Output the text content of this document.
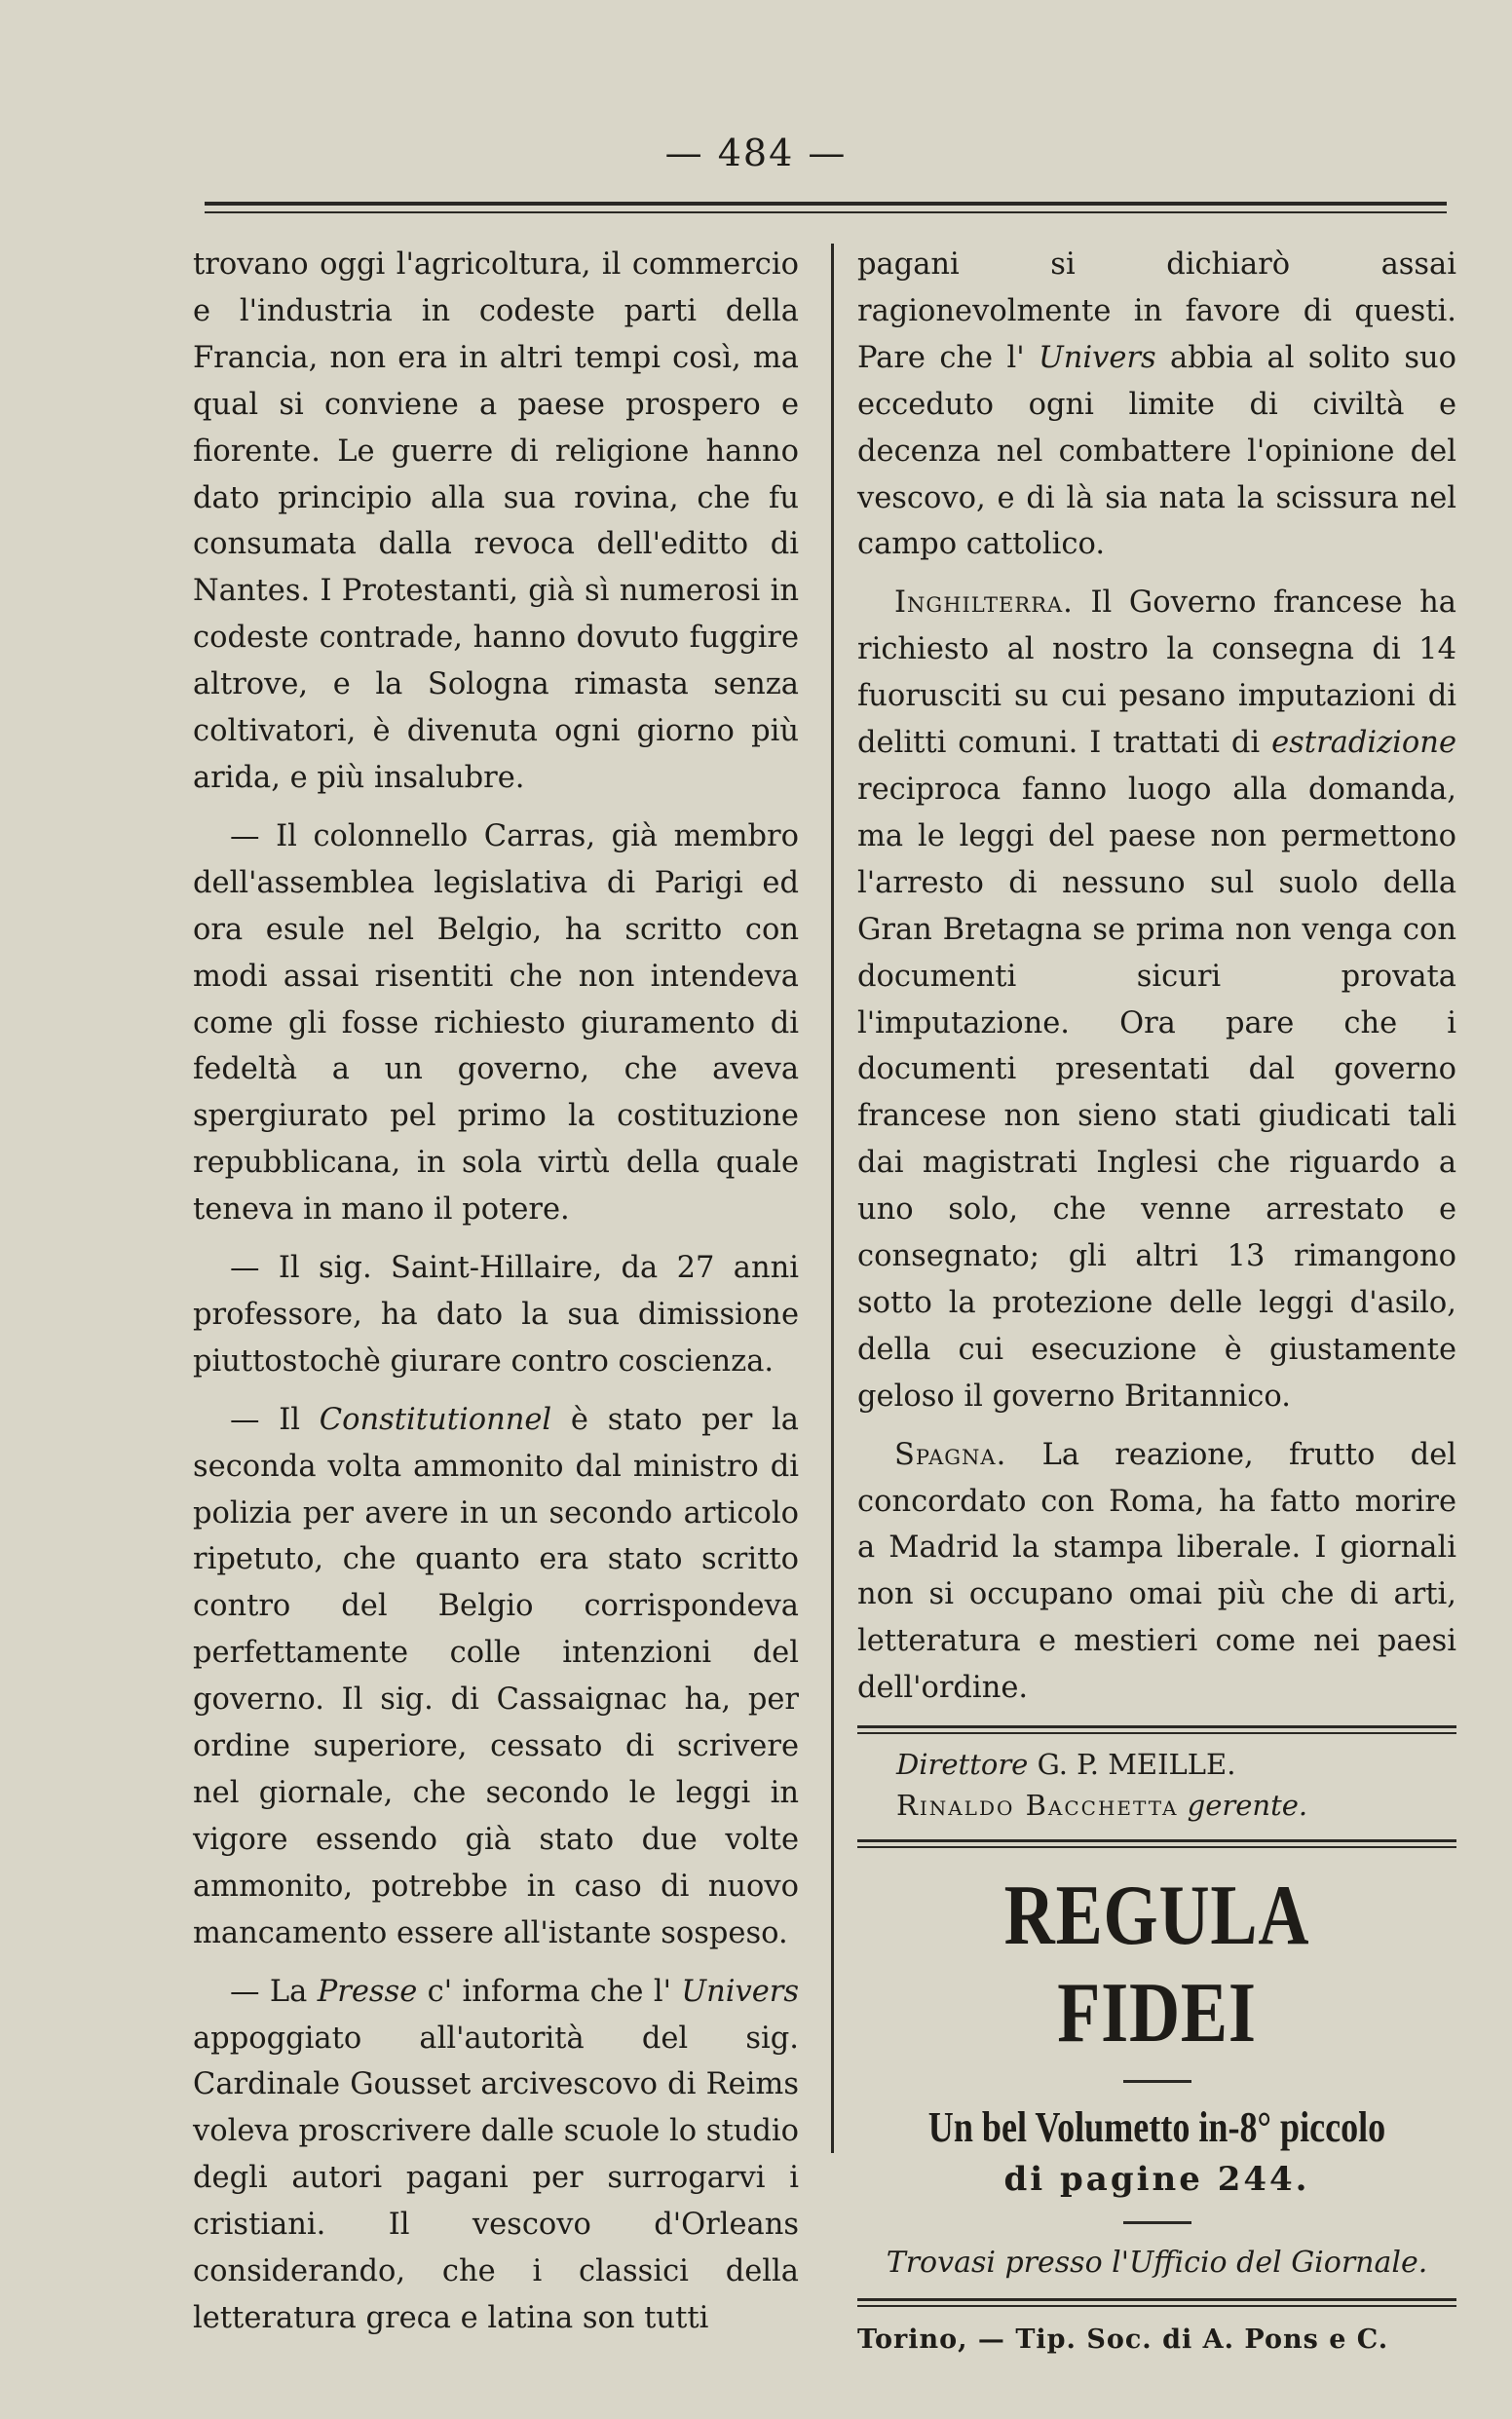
— 484 —

trovano oggi l'agricoltura, il commercio e l'industria in codeste parti della Francia, non era in altri tempi così, ma qual si conviene a paese prospero e fiorente. Le guerre di religione hanno dato principio alla sua rovina, che fu consumata dalla revoca dell'editto di Nantes. I Protestanti, già sì numerosi in codeste contrade, hanno dovuto fuggire altrove, e la Sologna rimasta senza coltivatori, è divenuta ogni giorno più arida, e più insalubre.

— Il colonnello Carras, già membro dell'assemblea legislativa di Parigi ed ora esule nel Belgio, ha scritto con modi assai risentiti che non intendeva come gli fosse richiesto giuramento di fedeltà a un governo, che aveva spergiurato pel primo la costituzione repubblicana, in sola virtù della quale teneva in mano il potere.

— Il sig. Saint-Hillaire, da 27 anni professore, ha dato la sua dimissione piuttostochè giurare contro coscienza.

— Il Constitutionnel è stato per la seconda volta ammonito dal ministro di polizia per avere in un secondo articolo ripetuto, che quanto era stato scritto contro del Belgio corrispondeva perfettamente colle intenzioni del governo. Il sig. di Cassaignac ha, per ordine superiore, cessato di scrivere nel giornale, che secondo le leggi in vigore essendo già stato due volte ammonito, potrebbe in caso di nuovo mancamento essere all'istante sospeso.

— La Presse c' informa che l' Univers appoggiato all'autorità del sig. Cardinale Gousset arcivescovo di Reims voleva proscrivere dalle scuole lo studio degli autori pagani per surrogarvi i cristiani. Il vescovo d'Orleans considerando, che i classici della letteratura greca e latina son tutti

pagani si dichiarò assai ragionevolmente in favore di questi. Pare che l' Univers abbia al solito suo ecceduto ogni limite di civiltà e decenza nel combattere l'opinione del vescovo, e di là sia nata la scissura nel campo cattolico.

Inghilterra. Il Governo francese ha richiesto al nostro la consegna di 14 fuorusciti su cui pesano imputazioni di delitti comuni. I trattati di estradizione reciproca fanno luogo alla domanda, ma le leggi del paese non permettono l'arresto di nessuno sul suolo della Gran Bretagna se prima non venga con documenti sicuri provata l'imputazione. Ora pare che i documenti presentati dal governo francese non sieno stati giudicati tali dai magistrati Inglesi che riguardo a uno solo, che venne arrestato e consegnato; gli altri 13 rimangono sotto la protezione delle leggi d'asilo, della cui esecuzione è giustamente geloso il governo Britannico.

Spagna. La reazione, frutto del concordato con Roma, ha fatto morire a Madrid la stampa liberale. I giornali non si occupano omai più che di arti, letteratura e mestieri come nei paesi dell'ordine.

Direttore G. P. MEILLE.
Rinaldo Bacchetta gerente.
REGULA FIDEI
Un bel Volumetto in-8° piccolo
di pagine 244.
Trovasi presso l'Ufficio del Giornale.
Torino, — Tip. Soc. di A. Pons e C.
